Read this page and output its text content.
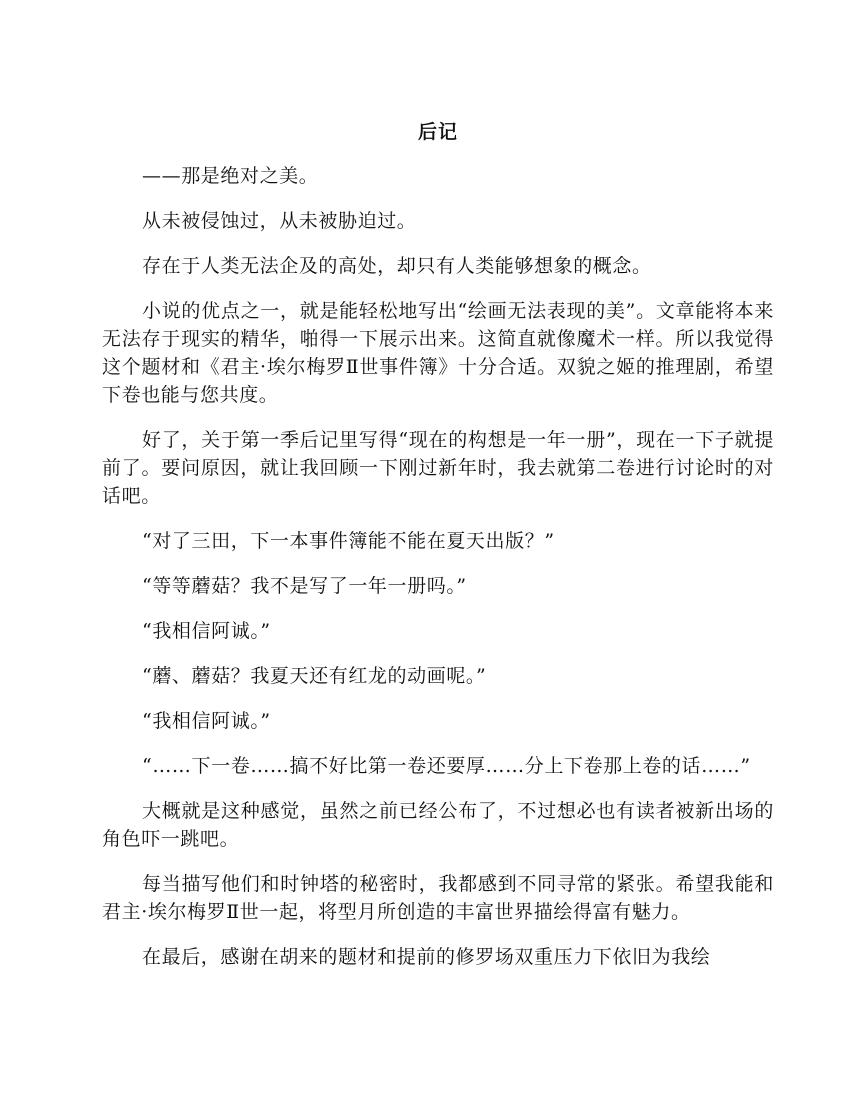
后记

——那是绝对之美。

从未被侵蚀过，从未被胁迫过。

存在于人类无法企及的高处，却只有人类能够想象的概念。

小说的优点之一，就是能轻松地写出“绘画无法表现的美”。文章能将本来无法存于现实的精华，啪得一下展示出来。这简直就像魔术一样。所以我觉得这个题材和《君主·埃尔梅罗Ⅱ世事件簿》十分合适。双貌之姬的推理剧，希望下卷也能与您共度。

好了，关于第一季后记里写得“现在的构想是一年一册”，现在一下子就提前了。要问原因，就让我回顾一下刚过新年时，我去就第二卷进行讨论时的对话吧。

“对了三田，下一本事件簿能不能在夏天出版？”

“等等蘑菇？我不是写了一年一册吗。”

“我相信阿诚。”

“蘑、蘑菇？我夏天还有红龙的动画呢。”

“我相信阿诚。”

“……下一卷……搞不好比第一卷还要厚……分上下卷那上卷的话……”

大概就是这种感觉，虽然之前已经公布了，不过想必也有读者被新出场的角色吓一跳吧。

每当描写他们和时钟塔的秘密时，我都感到不同寻常的紧张。希望我能和君主·埃尔梅罗Ⅱ世一起，将型月所创造的丰富世界描绘得富有魅力。

在最后，感谢在胡来的题材和提前的修罗场双重压力下依旧为我绘
